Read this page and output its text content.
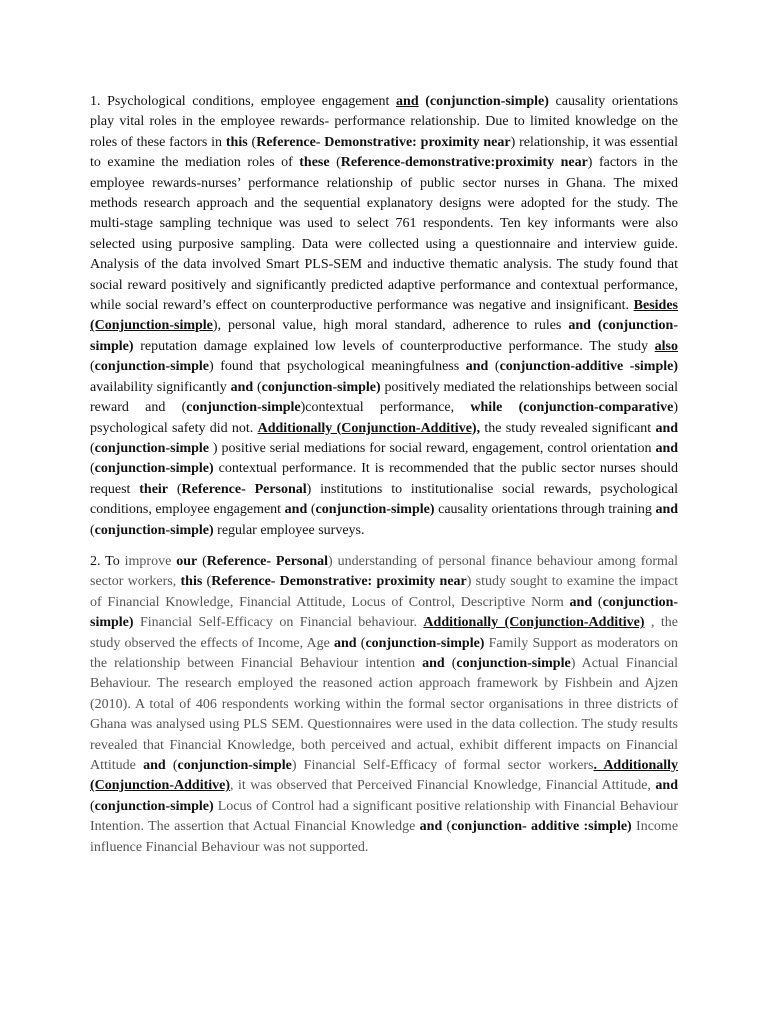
1. Psychological conditions, employee engagement and (conjunction-simple) causality orientations play vital roles in the employee rewards- performance relationship. Due to limited knowledge on the roles of these factors in this (Reference- Demonstrative: proximity near) relationship, it was essential to examine the mediation roles of these (Reference-demonstrative:proximity near) factors in the employee rewards-nurses’ performance relationship of public sector nurses in Ghana. The mixed methods research approach and the sequential explanatory designs were adopted for the study. The multi-stage sampling technique was used to select 761 respondents. Ten key informants were also selected using purposive sampling. Data were collected using a questionnaire and interview guide. Analysis of the data involved Smart PLS-SEM and inductive thematic analysis. The study found that social reward positively and significantly predicted adaptive performance and contextual performance, while social reward’s effect on counterproductive performance was negative and insignificant. Besides (Conjunction-simple), personal value, high moral standard, adherence to rules and (conjunction-simple) reputation damage explained low levels of counterproductive performance. The study also (conjunction-simple) found that psychological meaningfulness and (conjunction-additive -simple) availability significantly and (conjunction-simple) positively mediated the relationships between social reward and (conjunction-simple)contextual performance, while (conjunction-comparative) psychological safety did not. Additionally (Conjunction-Additive), the study revealed significant and (conjunction-simple ) positive serial mediations for social reward, engagement, control orientation and (conjunction-simple) contextual performance. It is recommended that the public sector nurses should request their (Reference- Personal) institutions to institutionalise social rewards, psychological conditions, employee engagement and (conjunction-simple) causality orientations through training and (conjunction-simple) regular employee surveys.

2. To improve our (Reference- Personal) understanding of personal finance behaviour among formal sector workers, this (Reference- Demonstrative: proximity near) study sought to examine the impact of Financial Knowledge, Financial Attitude, Locus of Control, Descriptive Norm and (conjunction-simple) Financial Self-Efficacy on Financial behaviour. Additionally (Conjunction-Additive) , the study observed the effects of Income, Age and (conjunction-simple) Family Support as moderators on the relationship between Financial Behaviour intention and (conjunction-simple) Actual Financial Behaviour. The research employed the reasoned action approach framework by Fishbein and Ajzen (2010). A total of 406 respondents working within the formal sector organisations in three districts of Ghana was analysed using PLS SEM. Questionnaires were used in the data collection. The study results revealed that Financial Knowledge, both perceived and actual, exhibit different impacts on Financial Attitude and (conjunction-simple) Financial Self-Efficacy of formal sector workers. Additionally (Conjunction-Additive), it was observed that Perceived Financial Knowledge, Financial Attitude, and (conjunction-simple) Locus of Control had a significant positive relationship with Financial Behaviour Intention. The assertion that Actual Financial Knowledge and (conjunction- additive :simple) Income influence Financial Behaviour was not supported.
